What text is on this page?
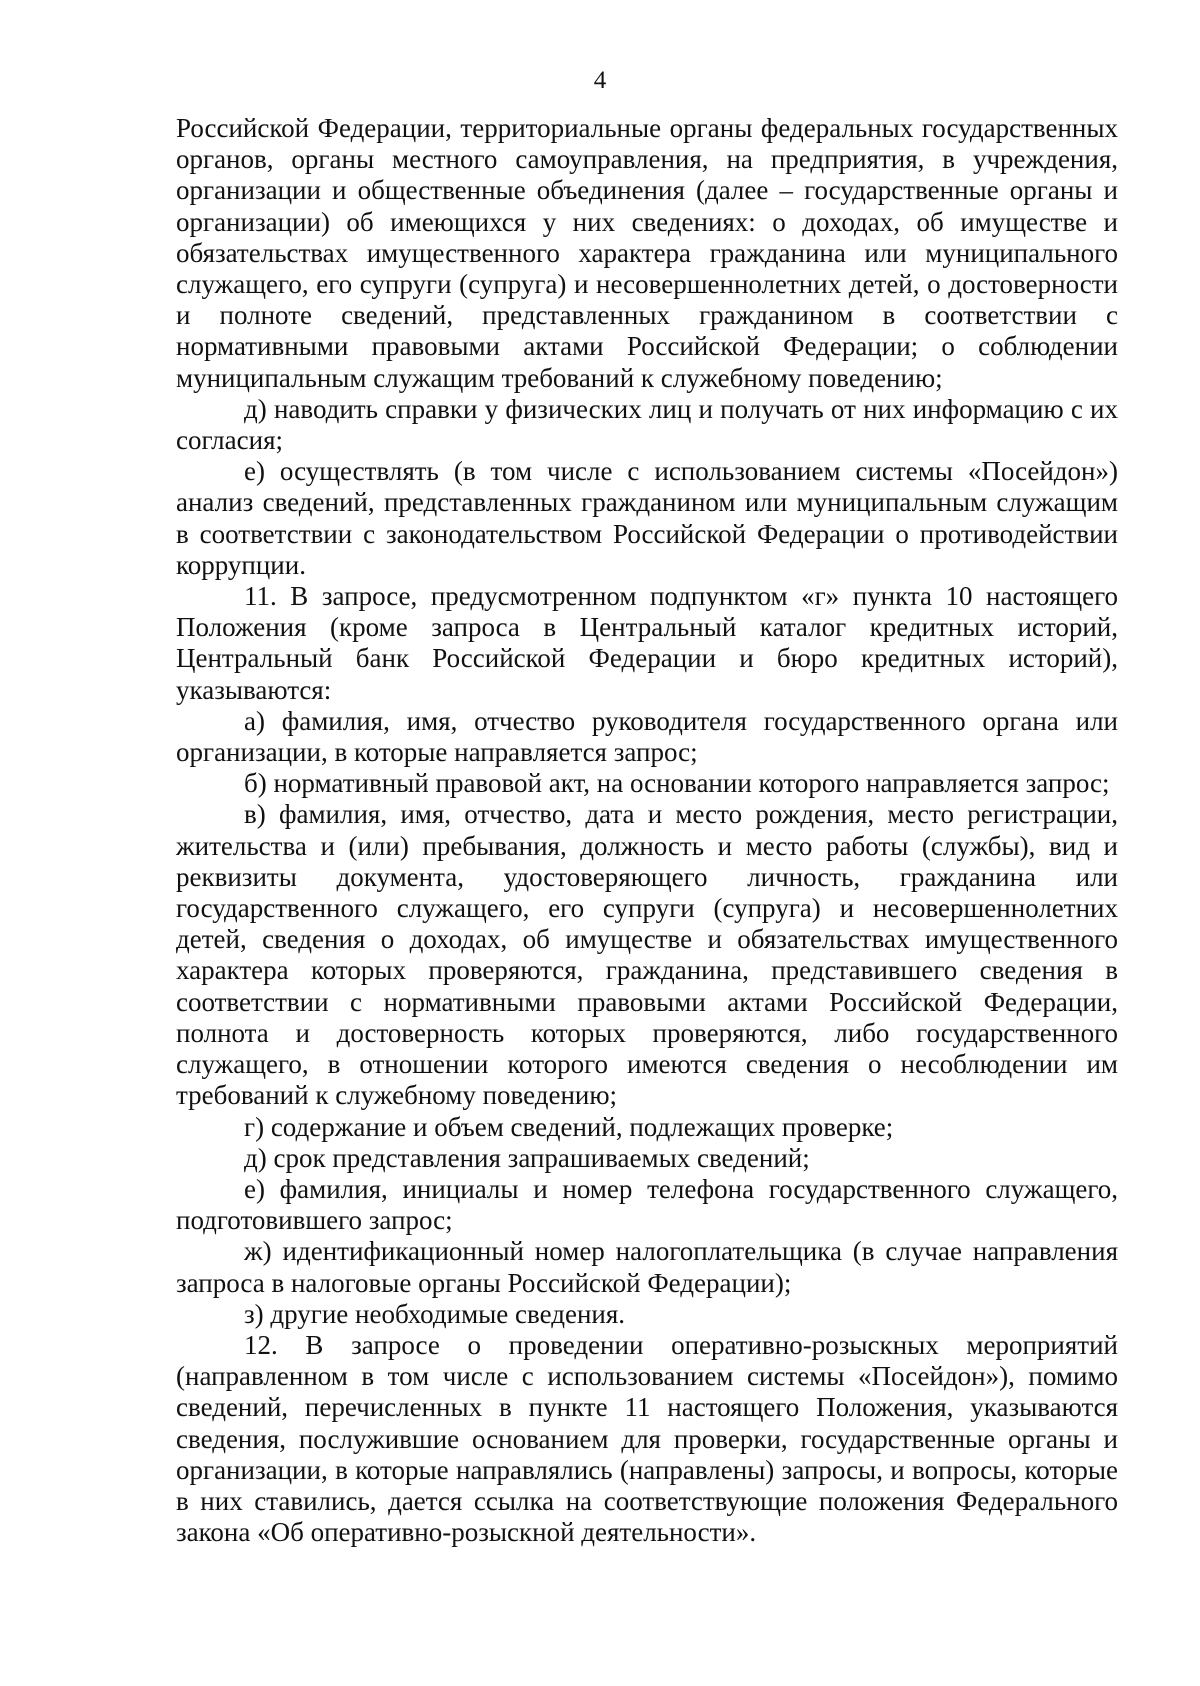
4

Российской Федерации, территориальные органы федеральных государственных органов, органы местного самоуправления, на предприятия, в учреждения, организации и общественные объединения (далее – государственные органы и организации) об имеющихся у них сведениях: о доходах, об имуществе и обязательствах имущественного характера гражданина или муниципального служащего, его супруги (супруга) и несовершеннолетних детей, о достоверности и полноте сведений, представленных гражданином в соответствии с нормативными правовыми актами Российской Федерации; о соблюдении муниципальным служащим требований к служебному поведению;

д) наводить справки у физических лиц и получать от них информацию с их согласия;

е) осуществлять (в том числе с использованием системы «Посейдон») анализ сведений, представленных гражданином или муниципальным служащим в соответствии с законодательством Российской Федерации о противодействии коррупции.

11. В запросе, предусмотренном подпунктом «г» пункта 10 настоящего Положения (кроме запроса в Центральный каталог кредитных историй, Центральный банк Российской Федерации и бюро кредитных историй), указываются:

а) фамилия, имя, отчество руководителя государственного органа или организации, в которые направляется запрос;

б) нормативный правовой акт, на основании которого направляется запрос;

в) фамилия, имя, отчество, дата и место рождения, место регистрации, жительства и (или) пребывания, должность и место работы (службы), вид и реквизиты документа, удостоверяющего личность, гражданина или государственного служащего, его супруги (супруга) и несовершеннолетних детей, сведения о доходах, об имуществе и обязательствах имущественного характера которых проверяются, гражданина, представившего сведения в соответствии с нормативными правовыми актами Российской Федерации, полнота и достоверность которых проверяются, либо государственного служащего, в отношении которого имеются сведения о несоблюдении им требований к служебному поведению;

г) содержание и объем сведений, подлежащих проверке;

д) срок представления запрашиваемых сведений;

е) фамилия, инициалы и номер телефона государственного служащего, подготовившего запрос;

ж) идентификационный номер налогоплательщика (в случае направления запроса в налоговые органы Российской Федерации);

з) другие необходимые сведения.

12. В запросе о проведении оперативно-розыскных мероприятий (направленном в том числе с использованием системы «Посейдон»), помимо сведений, перечисленных в пункте 11 настоящего Положения, указываются сведения, послужившие основанием для проверки, государственные органы и организации, в которые направлялись (направлены) запросы, и вопросы, которые в них ставились, дается ссылка на соответствующие положения Федерального закона «Об оперативно-розыскной деятельности».
